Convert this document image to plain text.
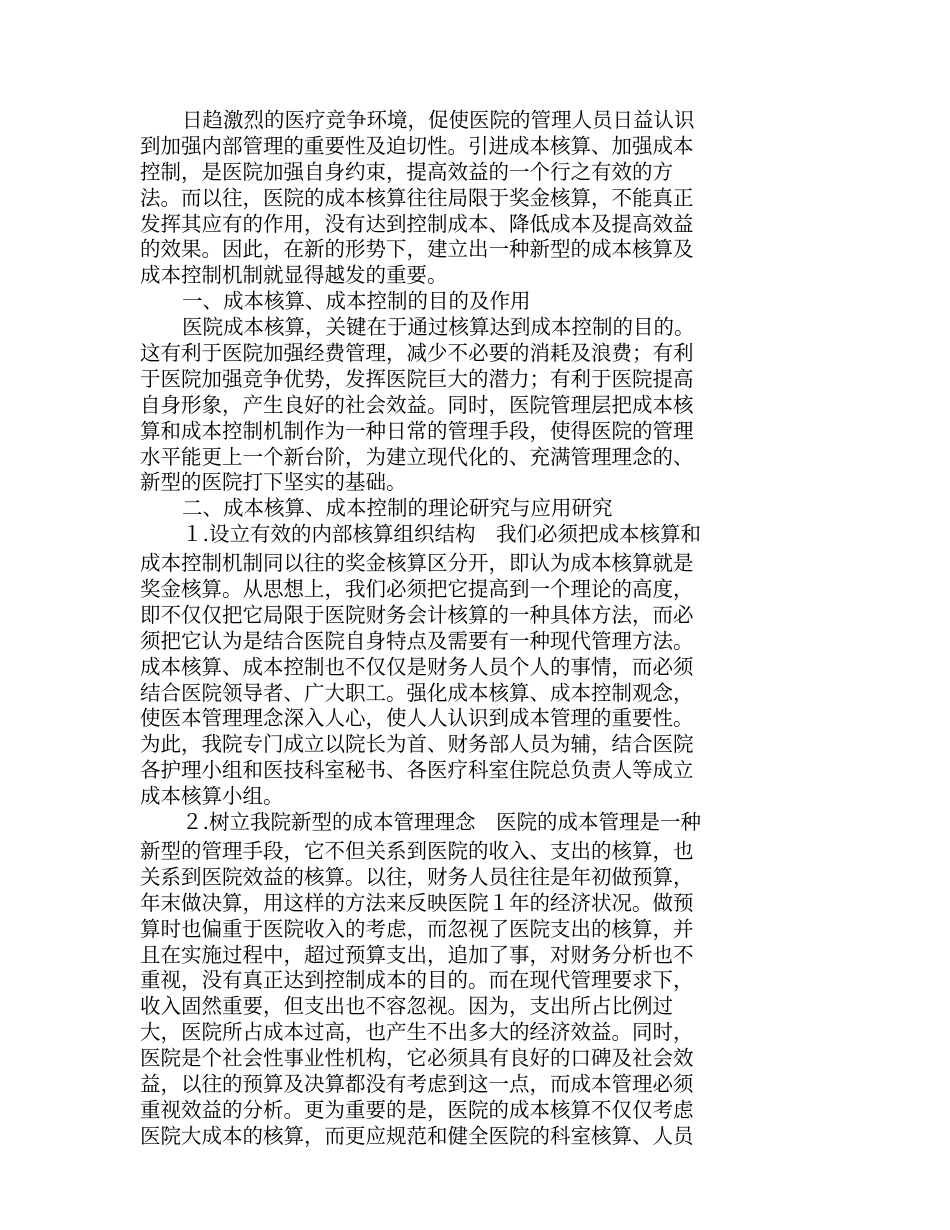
日趋激烈的医疗竞争环境，促使医院的管理人员日益认识
到加强内部管理的重要性及迫切性。引进成本核算、加强成本
控制，是医院加强自身约束，提高效益的一个行之有效的方
法。而以往，医院的成本核算往往局限于奖金核算，不能真正
发挥其应有的作用，没有达到控制成本、降低成本及提高效益
的效果。因此，在新的形势下，建立出一种新型的成本核算及
成本控制机制就显得越发的重要。
一、成本核算、成本控制的目的及作用
医院成本核算，关键在于通过核算达到成本控制的目的。
这有利于医院加强经费管理，减少不必要的消耗及浪费；有利
于医院加强竞争优势，发挥医院巨大的潜力；有利于医院提高
自身形象，产生良好的社会效益。同时，医院管理层把成本核
算和成本控制机制作为一种日常的管理手段，使得医院的管理
水平能更上一个新台阶，为建立现代化的、充满管理理念的、
新型的医院打下坚实的基础。
二、成本核算、成本控制的理论研究与应用研究
１.设立有效的内部核算组织结构　我们必须把成本核算和
成本控制机制同以往的奖金核算区分开，即认为成本核算就是
奖金核算。从思想上，我们必须把它提高到一个理论的高度，
即不仅仅把它局限于医院财务会计核算的一种具体方法，而必
须把它认为是结合医院自身特点及需要有一种现代管理方法。
成本核算、成本控制也不仅仅是财务人员个人的事情，而必须
结合医院领导者、广大职工。强化成本核算、成本控制观念，
使医本管理理念深入人心，使人人认识到成本管理的重要性。
为此，我院专门成立以院长为首、财务部人员为辅，结合医院
各护理小组和医技科室秘书、各医疗科室住院总负责人等成立
成本核算小组。
２.树立我院新型的成本管理理念　医院的成本管理是一种
新型的管理手段，它不但关系到医院的收入、支出的核算，也
关系到医院效益的核算。以往，财务人员往往是年初做预算，
年末做决算，用这样的方法来反映医院１年的经济状况。做预
算时也偏重于医院收入的考虑，而忽视了医院支出的核算，并
且在实施过程中，超过预算支出，追加了事，对财务分析也不
重视，没有真正达到控制成本的目的。而在现代管理要求下，
收入固然重要，但支出也不容忽视。因为，支出所占比例过
大，医院所占成本过高，也产生不出多大的经济效益。同时，
医院是个社会性事业性机构，它必须具有良好的口碑及社会效
益，以往的预算及决算都没有考虑到这一点，而成本管理必须
重视效益的分析。更为重要的是，医院的成本核算不仅仅考虑
医院大成本的核算，而更应规范和健全医院的科室核算、人员
